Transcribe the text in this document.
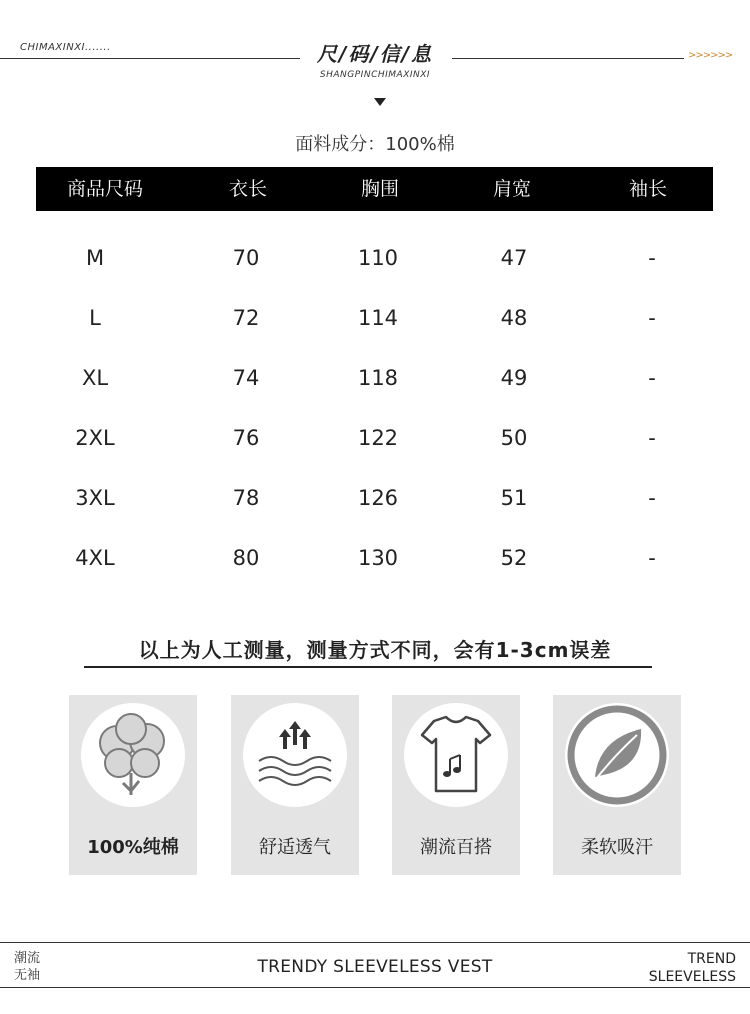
CHIMAXINXI.......	尺/码/信/息
SHANGPINCHIMAXINXI
>>>>>>
面料成分：100%棉
商品尺码	衣长	胸围	肩宽	袖长
M	70	110	47	-
L	72	114	48	-
XL	74	118	49	-
2XL	76	122	50	-
3XL	78	126	51	-
4XL	80	130	52	-
以上为人工测量，测量方式不同，会有1-3cm误差
100%纯棉	舒适透气	潮流百搭	柔软吸汗
潮流
无袖	TRENDY SLEEVELESS VEST	TREND
SLEEVELESS
